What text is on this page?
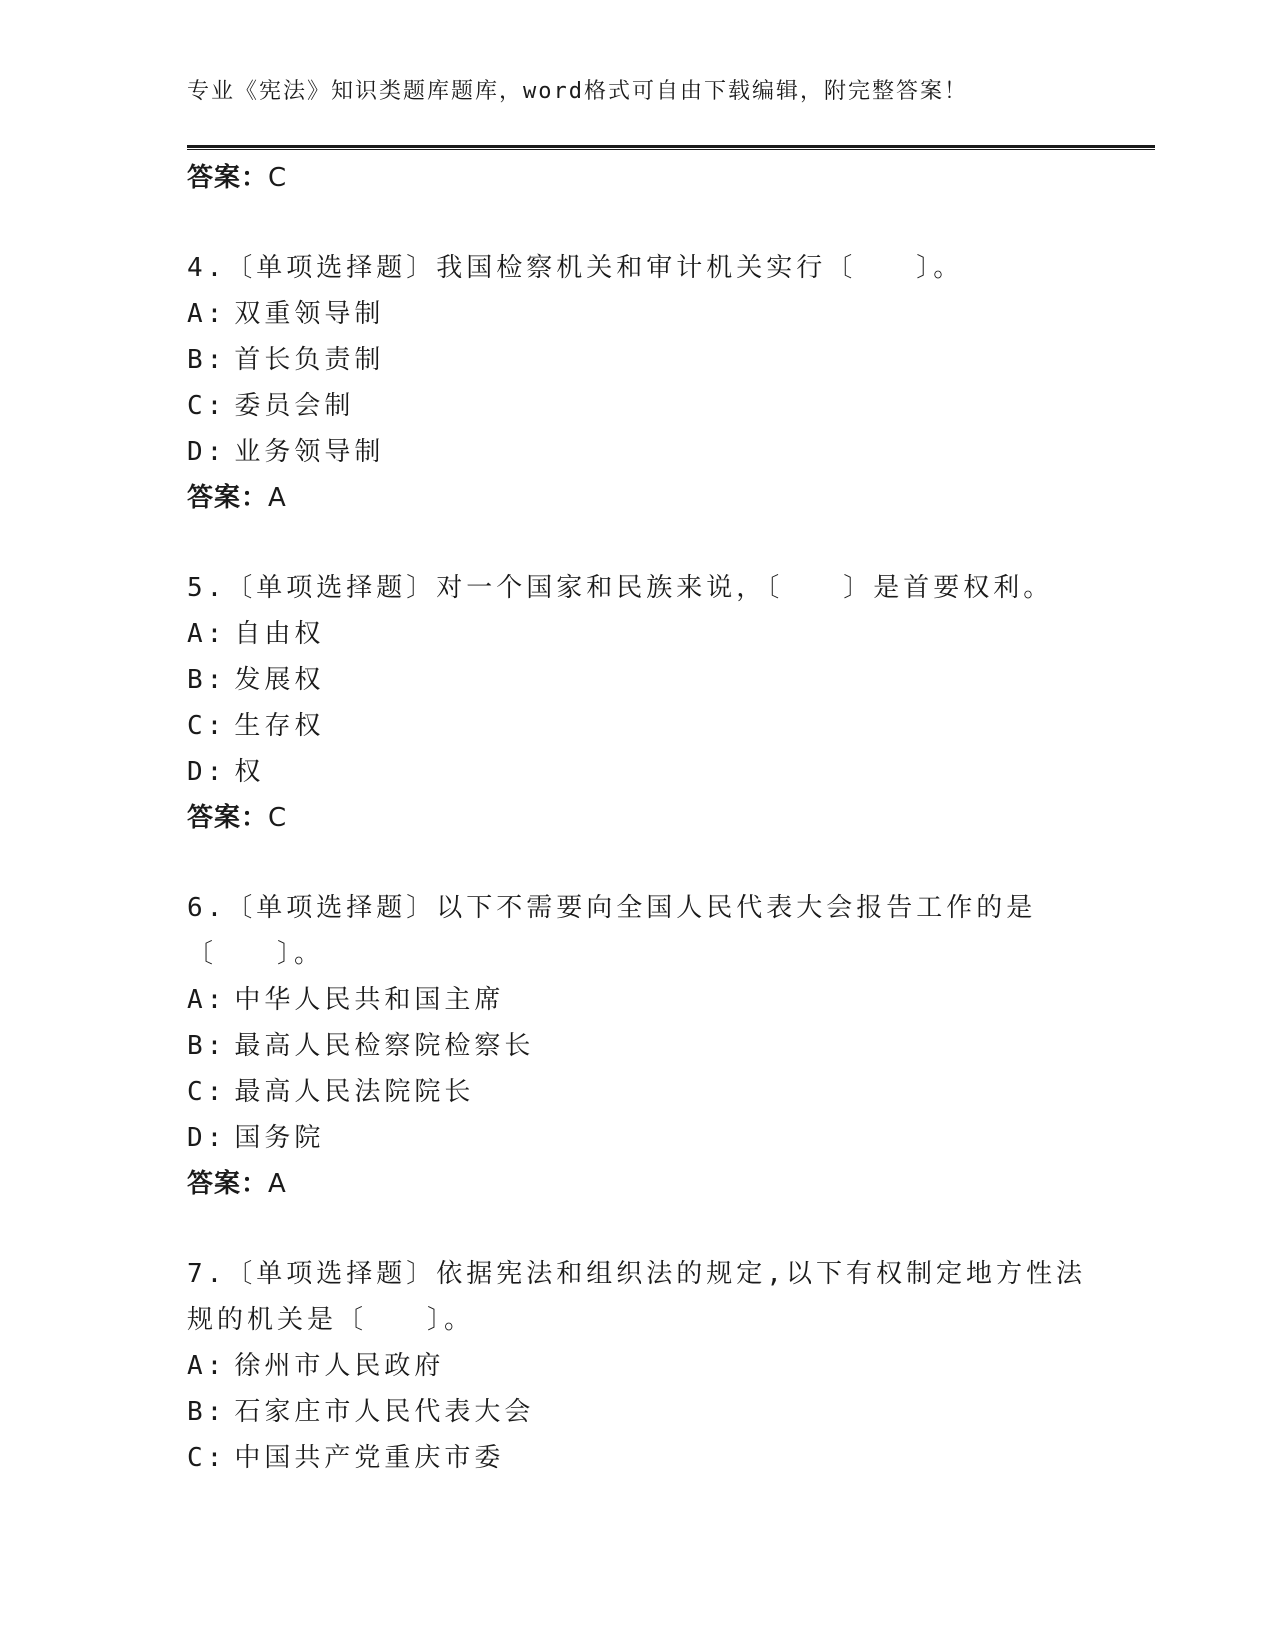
专业《宪法》知识类题库题库，word格式可自由下载编辑，附完整答案！
答案：C
4.〔单项选择题〕我国检察机关和审计机关实行〔　　〕。
A: 双重领导制
B: 首长负责制
C: 委员会制
D: 业务领导制
答案：A
5.〔单项选择题〕对一个国家和民族来说，〔　　〕是首要权利。
A: 自由权
B: 发展权
C: 生存权
D: 权
答案：C
6.〔单项选择题〕以下不需要向全国人民代表大会报告工作的是〔　　〕。
A: 中华人民共和国主席
B: 最高人民检察院检察长
C: 最高人民法院院长
D: 国务院
答案：A
7.〔单项选择题〕依据宪法和组织法的规定,以下有权制定地方性法规的机关是〔　　〕。
A: 徐州市人民政府
B: 石家庄市人民代表大会
C: 中国共产党重庆市委
